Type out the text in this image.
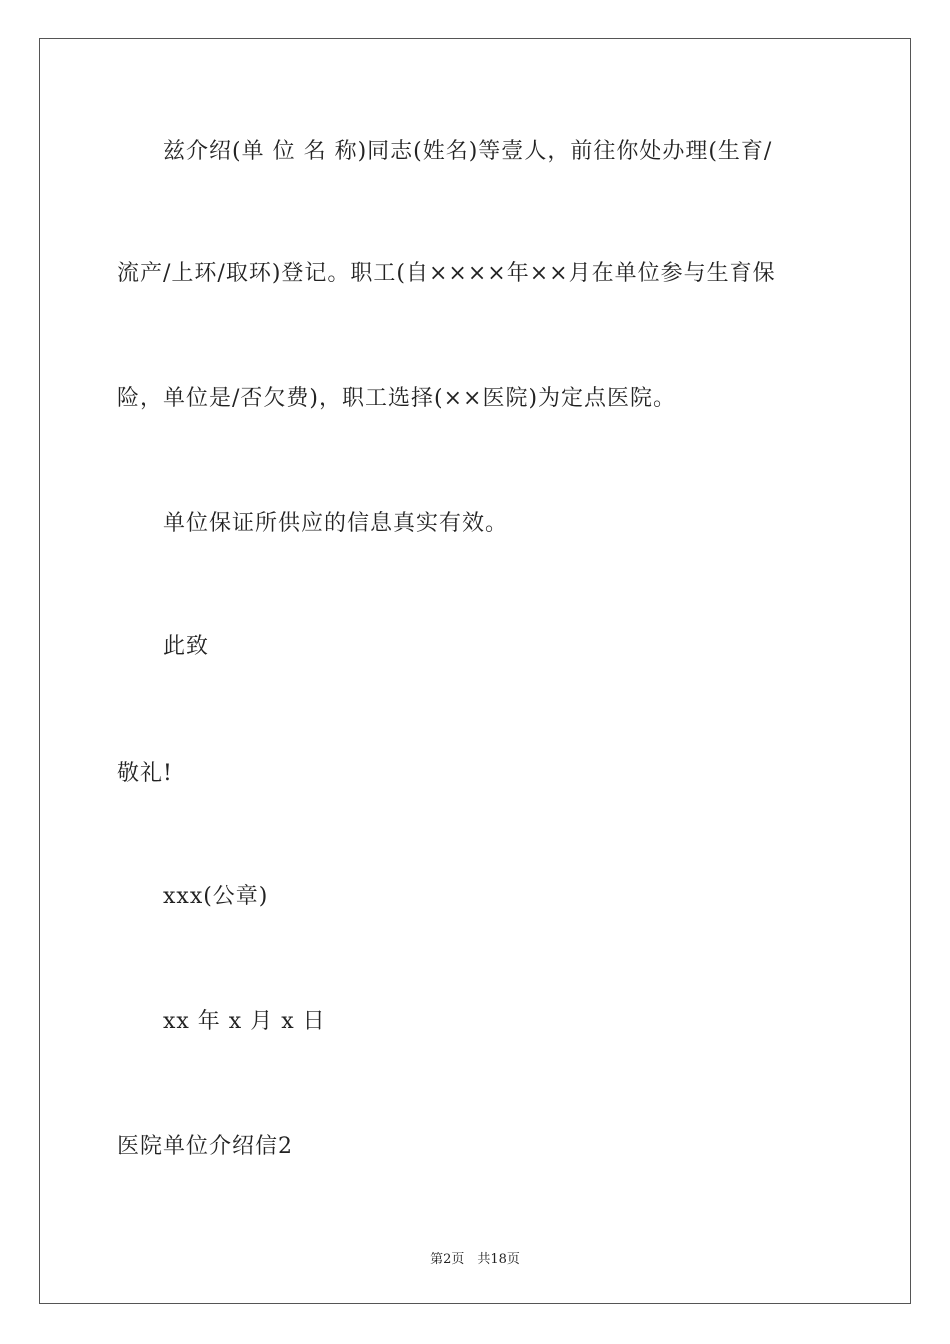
兹介绍(单 位 名 称)同志(姓名)等壹人，前往你处办理(生育/
流产/上环/取环)登记。职工(自××××年××月在单位参与生育保
险，单位是/否欠费)，职工选择(××医院)为定点医院。
单位保证所供应的信息真实有效。
此致
敬礼!
xxx(公章)
xx 年 x 月 x 日
医院单位介绍信2
第2页　共18页
